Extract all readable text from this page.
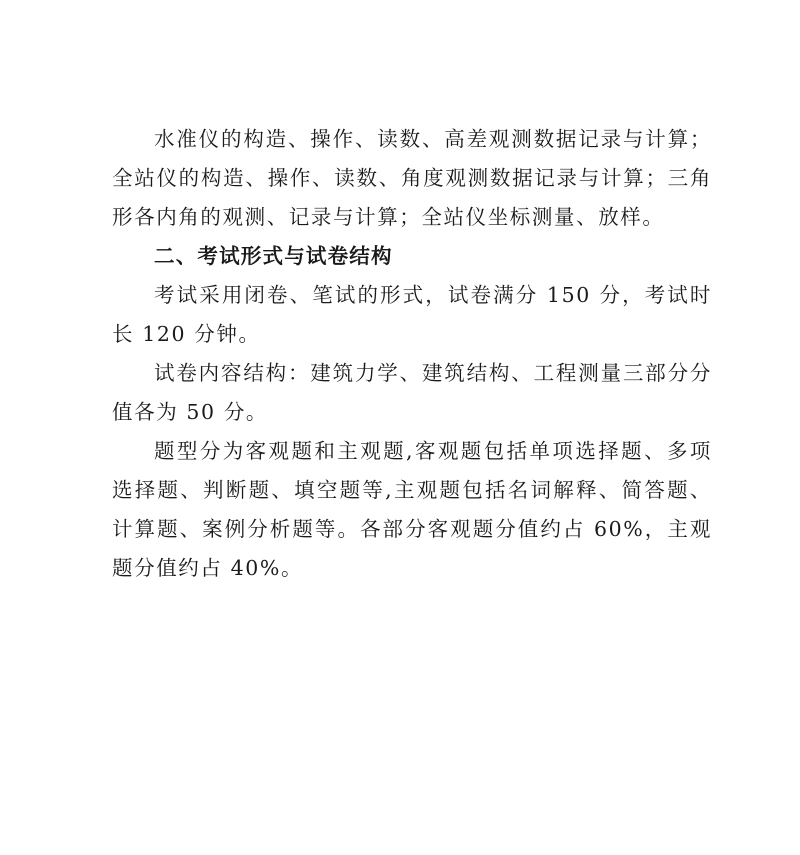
水准仪的构造、操作、读数、高差观测数据记录与计算；全站仪的构造、操作、读数、角度观测数据记录与计算；三角形各内角的观测、记录与计算；全站仪坐标测量、放样。

二、考试形式与试卷结构

考试采用闭卷、笔试的形式，试卷满分 150 分，考试时长 120 分钟。

试卷内容结构：建筑力学、建筑结构、工程测量三部分分值各为 50 分。

题型分为客观题和主观题,客观题包括单项选择题、多项选择题、判断题、填空题等,主观题包括名词解释、简答题、计算题、案例分析题等。各部分客观题分值约占 60%，主观题分值约占 40%。
